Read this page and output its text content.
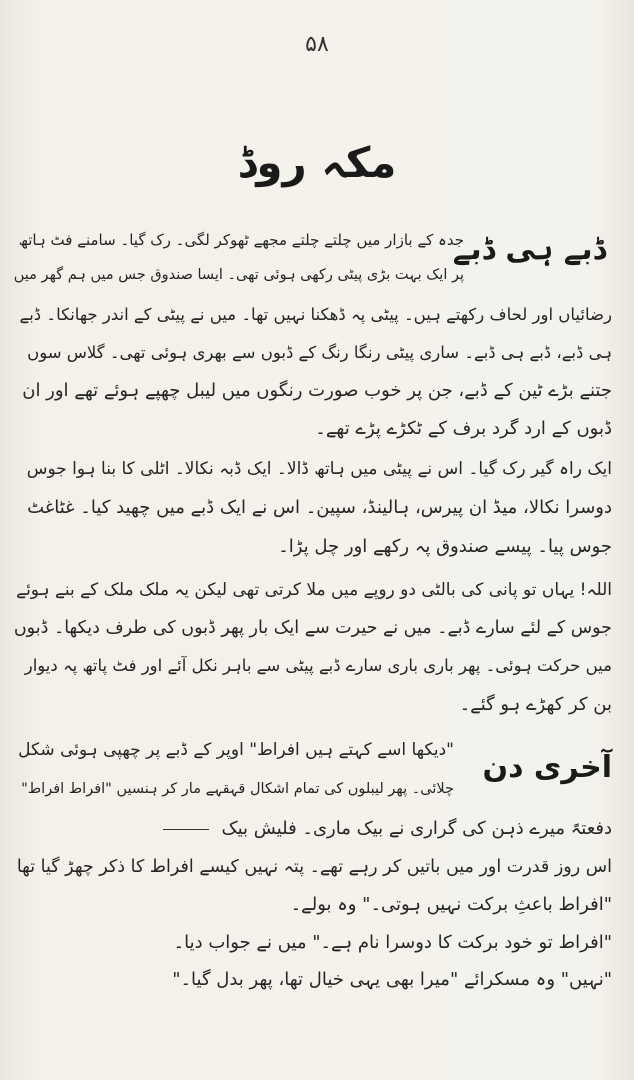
۵۸
مکہ روڈ
ڈبے ہی ڈبے
آخری دن
جدہ کے بازار میں چلتے چلتے مجھے ٹھوکر لگی۔ رک گیا۔ سامنے فٹ ہاتھ
پر ایک بہت بڑی پیٹی رکھی ہوئی تھی۔ ایسا صندوق جس میں ہم گھر میں
رضائیاں اور لحاف رکھتے ہیں۔ پیٹی پہ ڈھکنا نہیں تھا۔ میں نے پیٹی کے اندر جھانکا۔ ڈبے
ہی ڈبے، ڈبے ہی ڈبے۔ ساری پیٹی رنگا رنگ کے ڈبوں سے بھری ہوئی تھی۔ گلاس سوں
جتنے بڑے ٹین کے ڈبے، جن پر خوب صورت رنگوں میں لیبل چھپے ہوئے تھے اور ان
ڈبوں کے ارد گرد برف کے ٹکڑے پڑے تھے۔
ایک راہ گیر رک گیا۔ اس نے پیٹی میں ہاتھ ڈالا۔ ایک ڈبہ نکالا۔ اٹلی کا بنا ہوا جوس
دوسرا نکالا، میڈ ان پیرس، ہالینڈ، سپین۔ اس نے ایک ڈبے میں چھید کیا۔ غٹاغٹ
جوس پیا۔ پیسے صندوق پہ رکھے اور چل پڑا۔
اللہ! یہاں تو پانی کی بالٹی دو روپے میں ملا کرتی تھی لیکن یہ ملک ملک کے بنے ہوئے
جوس کے لئے سارے ڈبے۔ میں نے حیرت سے ایک بار پھر ڈبوں کی طرف دیکھا۔ ڈبوں
میں حرکت ہوئی۔ پھر باری باری سارے ڈبے پیٹی سے باہر نکل آئے اور فٹ پاتھ پہ دیوار
بن کر کھڑے ہو گئے۔
"دیکھا اسے کہتے ہیں افراط" اوپر کے ڈبے پر چھپی ہوئی شکل
چلائی۔ پھر لیبلوں کی تمام اشکال قہقہے مار کر ہنسیں "افراط افراط"
دفعتہً میرے ذہن کی گراری نے بیک ماری۔ فلیش بیک
اس روز قدرت اور میں باتیں کر رہے تھے۔ پتہ نہیں کیسے افراط کا ذکر چھڑ گیا تھا
"افراط باعثِ برکت نہیں ہوتی۔" وہ بولے۔
"افراط تو خود برکت کا دوسرا نام ہے۔" میں نے جواب دیا۔
"نہیں" وہ مسکرائے "میرا بھی یہی خیال تھا، پھر بدل گیا۔"
